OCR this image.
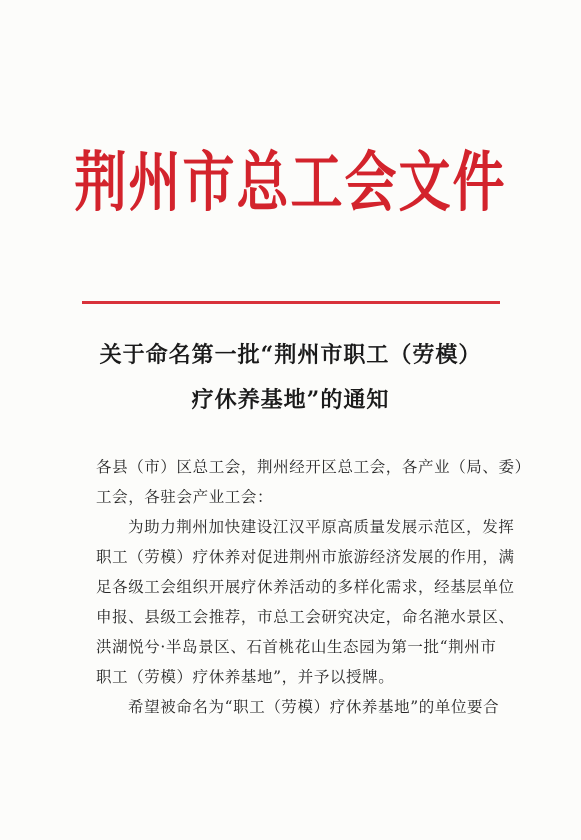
荆州市总工会文件
关于命名第一批“荆州市职工（劳模）
疗休养基地”的通知
各县（市）区总工会，荆州经开区总工会，各产业（局、委）
工会，各驻会产业工会：
为助力荆州加快建设江汉平原高质量发展示范区，发挥
职工（劳模）疗休养对促进荆州市旅游经济发展的作用，满
足各级工会组织开展疗休养活动的多样化需求，经基层单位
申报、县级工会推荐，市总工会研究决定，命名滟水景区、
洪湖悦兮·半岛景区、石首桃花山生态园为第一批“荆州市
职工（劳模）疗休养基地”，并予以授牌。
希望被命名为“职工（劳模）疗休养基地”的单位要合
